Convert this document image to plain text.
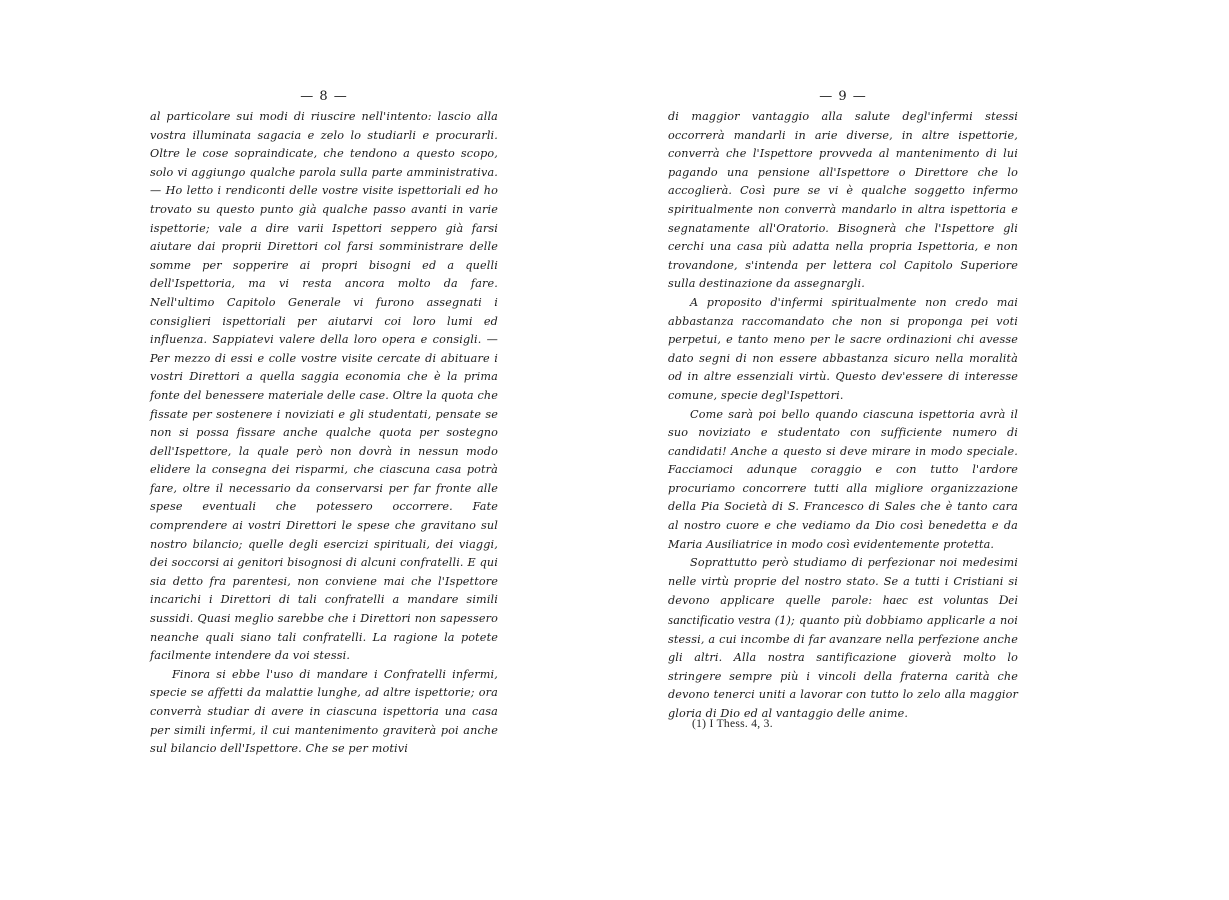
— 8 —

al particolare sui modi di riuscire nell'intento: lascio alla vostra illuminata sagacia e zelo lo studiarli e procurarli. Oltre le cose sopraindicate, che tendono a questo scopo, solo vi aggiungo qualche parola sulla parte amministrativa. — Ho letto i rendiconti delle vostre visite ispettoriali ed ho trovato su questo punto già qualche passo avanti in varie ispettorie; vale a dire varii Ispettori seppero già farsi aiutare dai proprii Direttori col farsi somministrare delle somme per sopperire ai propri bisogni ed a quelli dell'Ispettoria, ma vi resta ancora molto da fare. Nell'ultimo Capitolo Generale vi furono assegnati i consiglieri ispettoriali per aiutarvi coi loro lumi ed influenza. Sappiatevi valere della loro opera e consigli. — Per mezzo di essi e colle vostre visite cercate di abituare i vostri Direttori a quella saggia economia che è la prima fonte del benessere materiale delle case. Oltre la quota che fissate per sostenere i noviziati e gli studentati, pensate se non si possa fissare anche qualche quota per sostegno dell'Ispettore, la quale però non dovrà in nessun modo elidere la consegna dei risparmi, che ciascuna casa potrà fare, oltre il necessario da conservarsi per far fronte alle spese eventuali che potessero occorrere. Fate comprendere ai vostri Direttori le spese che gravitano sul nostro bilancio; quelle degli esercizi spirituali, dei viaggi, dei soccorsi ai genitori bisognosi di alcuni confratelli. E qui sia detto fra parentesi, non conviene mai che l'Ispettore incarichi i Direttori di tali confratelli a mandare simili sussidi. Quasi meglio sarebbe che i Direttori non sapessero neanche quali siano tali confratelli. La ragione la potete facilmente intendere da voi stessi.

Finora si ebbe l'uso di mandare i Confratelli infermi, specie se affetti da malattie lunghe, ad altre ispettorie; ora converrà studiar di avere in ciascuna ispettoria una casa per simili infermi, il cui mantenimento graviterà poi anche sul bilancio dell'Ispettore. Che se per motivi

— 9 —

di maggior vantaggio alla salute degl'infermi stessi occorrerà mandarli in arie diverse, in altre ispettorie, converrà che l'Ispettore provveda al mantenimento di lui pagando una pensione all'Ispettore o Direttore che lo accoglierà. Così pure se vi è qualche soggetto infermo spiritualmente non converrà mandarlo in altra ispettoria e segnatamente all'Oratorio. Bisognerà che l'Ispettore gli cerchi una casa più adatta nella propria Ispettoria, e non trovandone, s'intenda per lettera col Capitolo Superiore sulla destinazione da assegnargli.

A proposito d'infermi spiritualmente non credo mai abbastanza raccomandato che non si proponga pei voti perpetui, e tanto meno per le sacre ordinazioni chi avesse dato segni di non essere abbastanza sicuro nella moralità od in altre essenziali virtù. Questo dev'essere di interesse comune, specie degl'Ispettori.

Come sarà poi bello quando ciascuna ispettoria avrà il suo noviziato e studentato con sufficiente numero di candidati! Anche a questo si deve mirare in modo speciale. Facciamoci adunque coraggio e con tutto l'ardore procuriamo concorrere tutti alla migliore organizzazione della Pia Società di S. Francesco di Sales che è tanto cara al nostro cuore e che vediamo da Dio così benedetta e da Maria Ausiliatrice in modo così evidentemente protetta.

Soprattutto però studiamo di perfezionar noi medesimi nelle virtù proprie del nostro stato. Se a tutti i Cristiani si devono applicare quelle parole: haec est voluntas Dei sanctificatio vestra (1); quanto più dobbiamo applicarle a noi stessi, a cui incombe di far avanzare nella perfezione anche gli altri. Alla nostra santificazione gioverà molto lo stringere sempre più i vincoli della fraterna carità che devono tenerci uniti a lavorar con tutto lo zelo alla maggior gloria di Dio ed al vantaggio delle anime.

(1) I Thess. 4, 3.
